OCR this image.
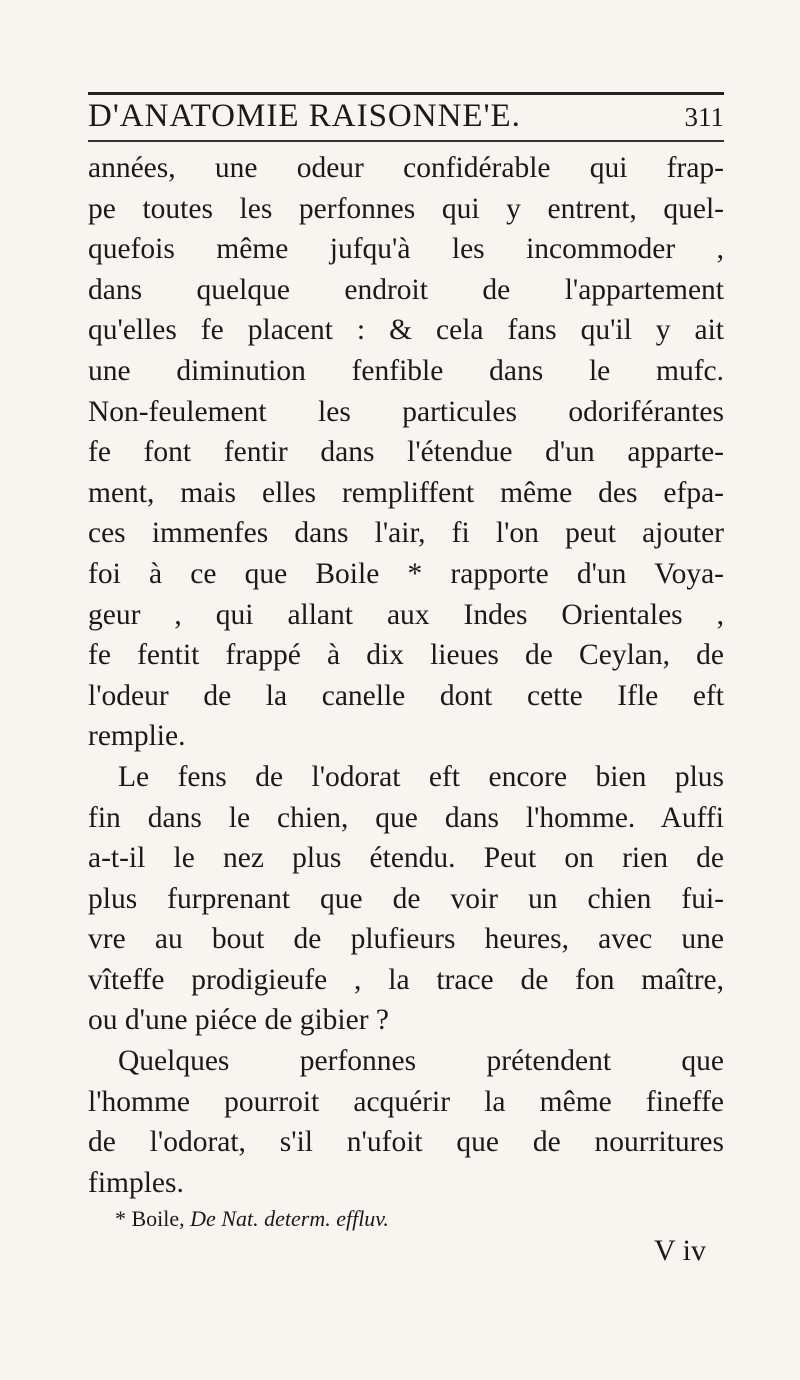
D'ANATOMIE RAISONNE'E.	311
années, une odeur confidérable qui frap-
pe toutes les perfonnes qui y entrent, quel-
quefois même jufqu'à les incommoder ,
dans quelque endroit de l'appartement
qu'elles fe placent : & cela fans qu'il y ait
une diminution fenfible dans le mufc.
Non-feulement les particules odoriférantes
fe font fentir dans l'étendue d'un apparte-
ment, mais elles rempliffent même des efpa-
ces immenfes dans l'air, fi l'on peut ajouter
foi à ce que Boile * rapporte d'un Voya-
geur , qui allant aux Indes Orientales ,
fe fentit frappé à dix lieues de Ceylan, de
l'odeur de la canelle dont cette Ifle eft
remplie.
Le fens de l'odorat eft encore bien plus
fin dans le chien, que dans l'homme. Auffi
a-t-il le nez plus étendu. Peut on rien de
plus furprenant que de voir un chien fui-
vre au bout de plufieurs heures, avec une
vîteffe prodigieufe , la trace de fon maître,
ou d'une piéce de gibier ?
Quelques perfonnes prétendent que
l'homme pourroit acquérir la même fineffe
de l'odorat, s'il n'ufoit que de nourritures
fimples.
* Boile, De Nat. determ. effluv.
V iv
